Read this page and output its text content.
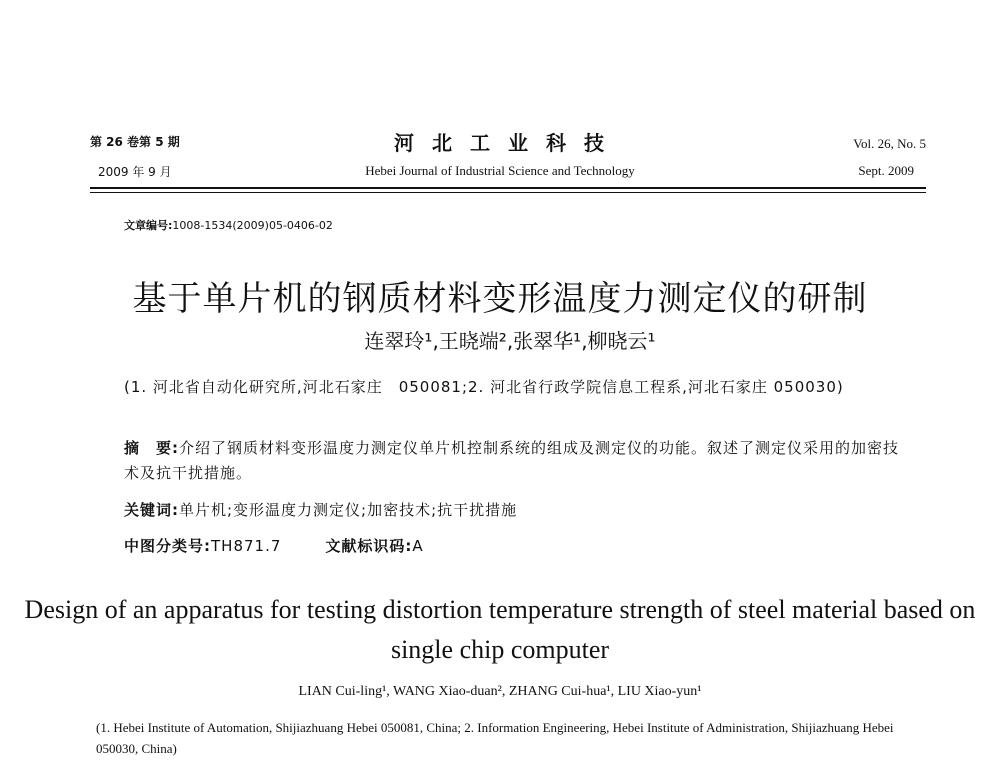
第 26 卷第 5 期
2009 年 9 月
河北工业科技
Hebei Journal of Industrial Science and Technology
Vol. 26, No. 5
Sept. 2009
文章编号:1008-1534(2009)05-0406-02
基于单片机的钢质材料变形温度力测定仪的研制
连翠玲¹,王晓端²,张翠华¹,柳晓云¹
(1. 河北省自动化研究所,河北石家庄　050081;2. 河北省行政学院信息工程系,河北石家庄 050030)
摘　要:介绍了钢质材料变形温度力测定仪单片机控制系统的组成及测定仪的功能。叙述了测定仪采用的加密技术及抗干扰措施。
关键词:单片机;变形温度力测定仪;加密技术;抗干扰措施
中图分类号:TH871.7	文献标识码:A
Design of an apparatus for testing distortion temperature strength of steel material based on single chip computer
LIAN Cui-ling¹, WANG Xiao-duan², ZHANG Cui-hua¹, LIU Xiao-yun¹
(1. Hebei Institute of Automation, Shijiazhuang Hebei 050081, China; 2. Information Engineering, Hebei Institute of Administration, Shijiazhuang Hebei 050030, China)
